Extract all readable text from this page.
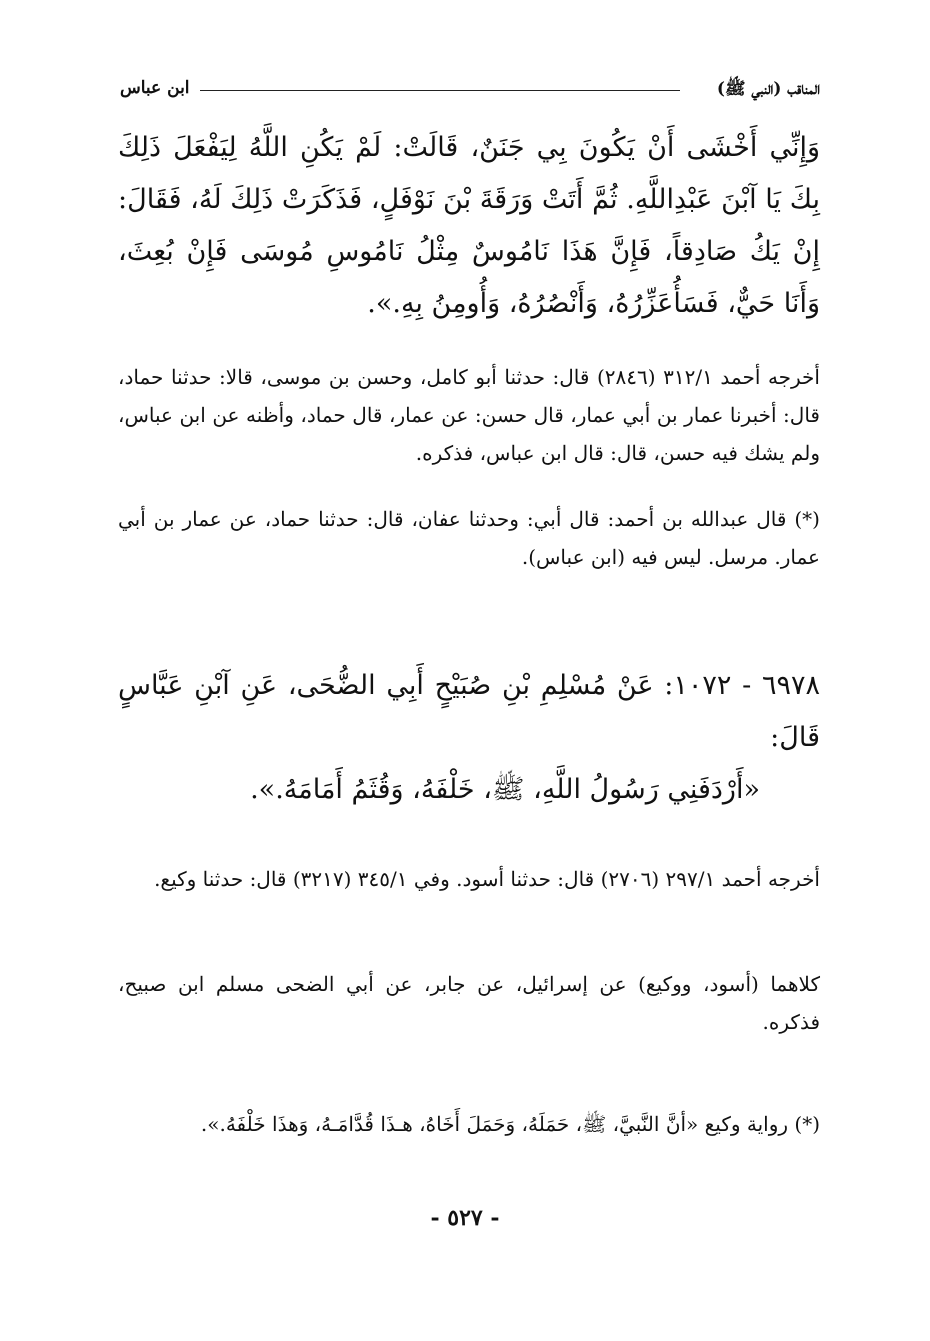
المناقب (النبي ﷺ)
ابن عباس

وَإِنِّي أَخْشَى أَنْ يَكُونَ بِي جَنَنٌ، قَالَتْ: لَمْ يَكُنِ اللَّهُ لِيَفْعَلَ ذَلِكَ بِكَ يَا آبْنَ عَبْدِاللَّهِ. ثُمَّ أَتَتْ وَرَقَةَ بْنَ نَوْفَلٍ، فَذَكَرَتْ ذَلِكَ لَهُ، فَقَالَ: إِنْ يَكُ صَادِقاً، فَإِنَّ هَذَا نَامُوسٌ مِثْلُ نَامُوسِ مُوسَى فَإِنْ بُعِثَ، وَأَنَا حَيٌّ، فَسَأُعَزِّرُهُ، وَأَنْصُرُهُ، وَأُومِنُ بِهِ.».

أخرجه أحمد ٣١٢/١ (٢٨٤٦) قال: حدثنا أبو كامل، وحسن بن موسى، قالا: حدثنا حماد، قال: أخبرنا عمار بن أبي عمار، قال حسن: عن عمار، قال حماد، وأظنه عن ابن عباس، ولم يشك فيه حسن، قال: قال ابن عباس، فذكره.

(*) قال عبدالله بن أحمد: قال أبي: وحدثنا عفان، قال: حدثنا حماد، عن عمار بن أبي عمار. مرسل. ليس فيه (ابن عباس).

٦٩٧٨ - ١٠٧٢: عَنْ مُسْلِمِ بْنِ صُبَيْحٍ أَبِي الضُّحَى، عَنِ آبْنِ عَبَّاسٍ قَالَ:

«أَرْدَفَنِي رَسُولُ اللَّهِ، ﷺ، خَلْفَهُ، وَقُثَمُ أَمَامَهُ.».

أخرجه أحمد ٢٩٧/١ (٢٧٠٦) قال: حدثنا أسود. وفي ٣٤٥/١ (٣٢١٧) قال: حدثنا وكيع.

كلاهما (أسود، ووكيع) عن إسرائيل، عن جابر، عن أبي الضحى مسلم ابن صبيح، فذكره.

(*) رواية وكيع «أنَّ النَّبيَّ، ﷺ، حَمَلَهُ، وَحَمَلَ أَخَاهُ، هـذَا قُدَّامَـهُ، وَهذَا خَلْفَهُ.».

- ٥٢٧ -
